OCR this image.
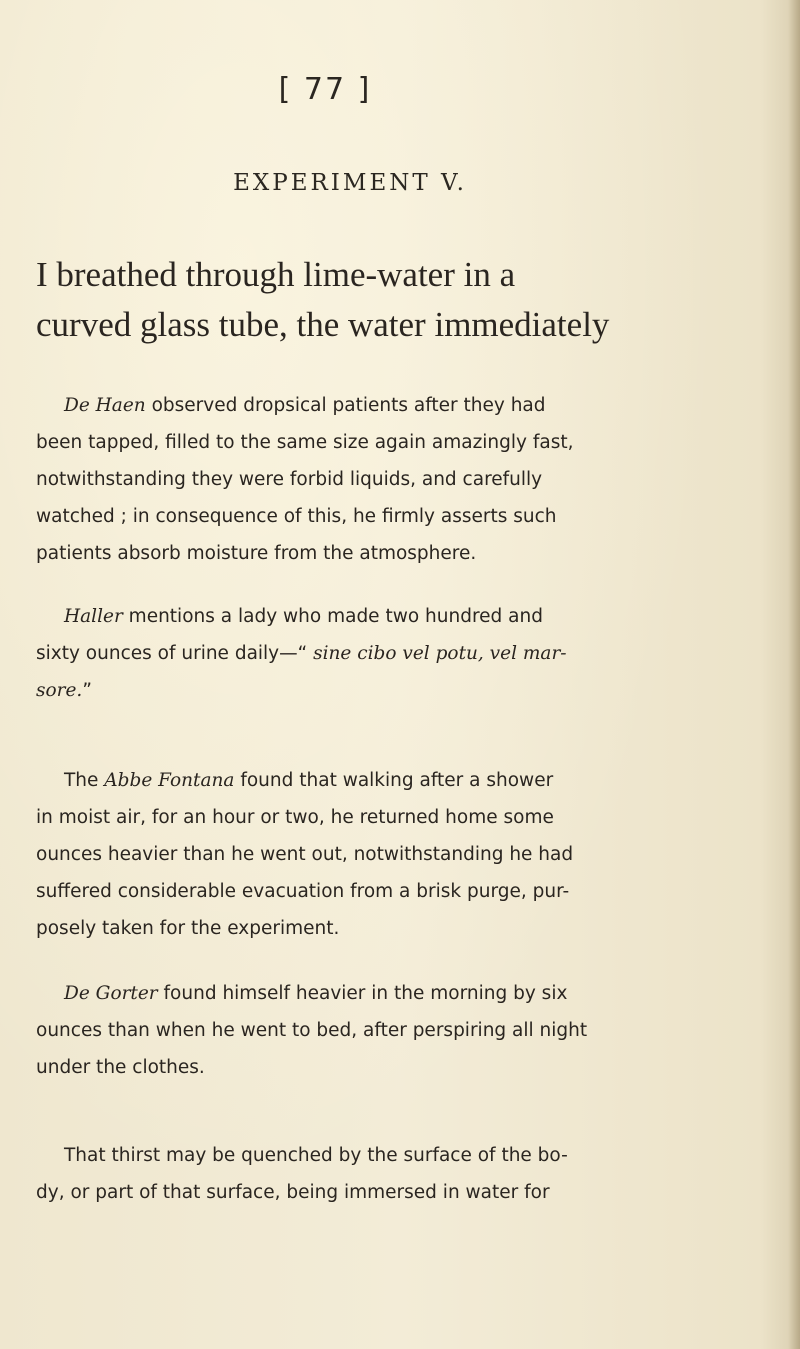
[ 77 ]
EXPERIMENT V.
I breathed through lime-water in a
curved glass tube, the water immediately
De Haen observed dropsical patients after they had
been tapped, filled to the same size again amazingly fast,
notwithstanding they were forbid liquids, and carefully
watched ; in consequence of this, he firmly asserts such
patients absorb moisture from the atmosphere.
Haller mentions a lady who made two hundred and
sixty ounces of urine daily—“ sine cibo vel potu, vel mar-
sore.”
The Abbe Fontana found that walking after a shower
in moist air, for an hour or two, he returned home some
ounces heavier than he went out, notwithstanding he had
suffered considerable evacuation from a brisk purge, pur-
posely taken for the experiment.
De Gorter found himself heavier in the morning by six
ounces than when he went to bed, after perspiring all night
under the clothes.
That thirst may be quenched by the surface of the bo-
dy, or part of that surface, being immersed in water for
